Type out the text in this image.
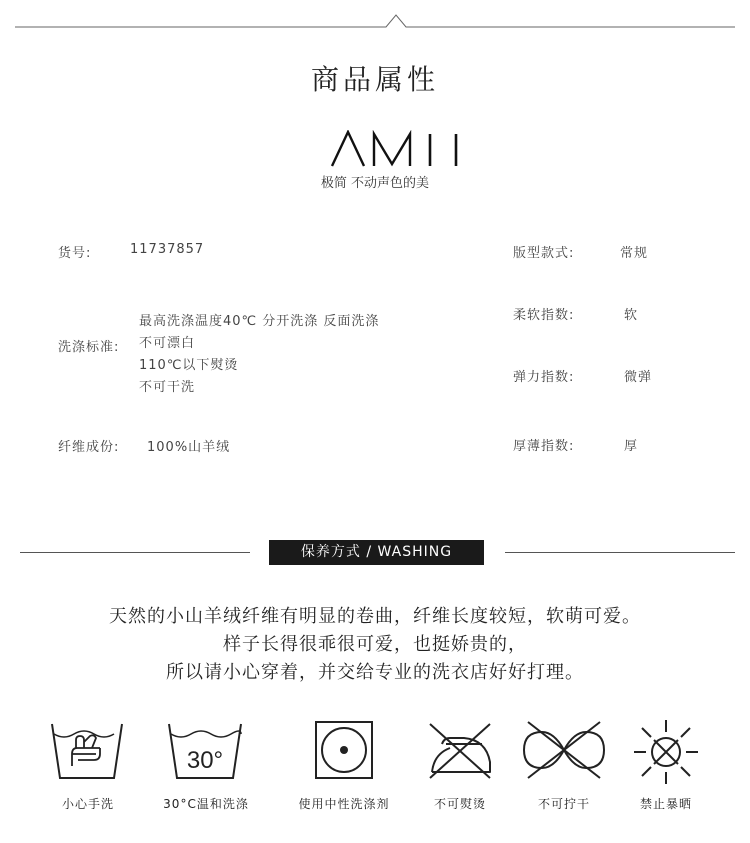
商品属性
极简 不动声色的美
货号:	11737857	版型款式:	常规
洗涤标准:
最高洗涤温度40℃ 分开洗涤 反面洗涤
不可漂白
110℃以下熨烫
不可干洗
柔软指数:	软
弹力指数:	微弹
纤维成份: 100%山羊绒	厚薄指数:	厚
保养方式 / WASHING
天然的小山羊绒纤维有明显的卷曲，纤维长度较短，软萌可爱。
样子长得很乖很可爱，也挺娇贵的，
所以请小心穿着，并交给专业的洗衣店好好打理。
小心手洗
30°
30°C温和洗涤	使用中性洗涤剂	不可熨烫	不可拧干	禁止暴晒
